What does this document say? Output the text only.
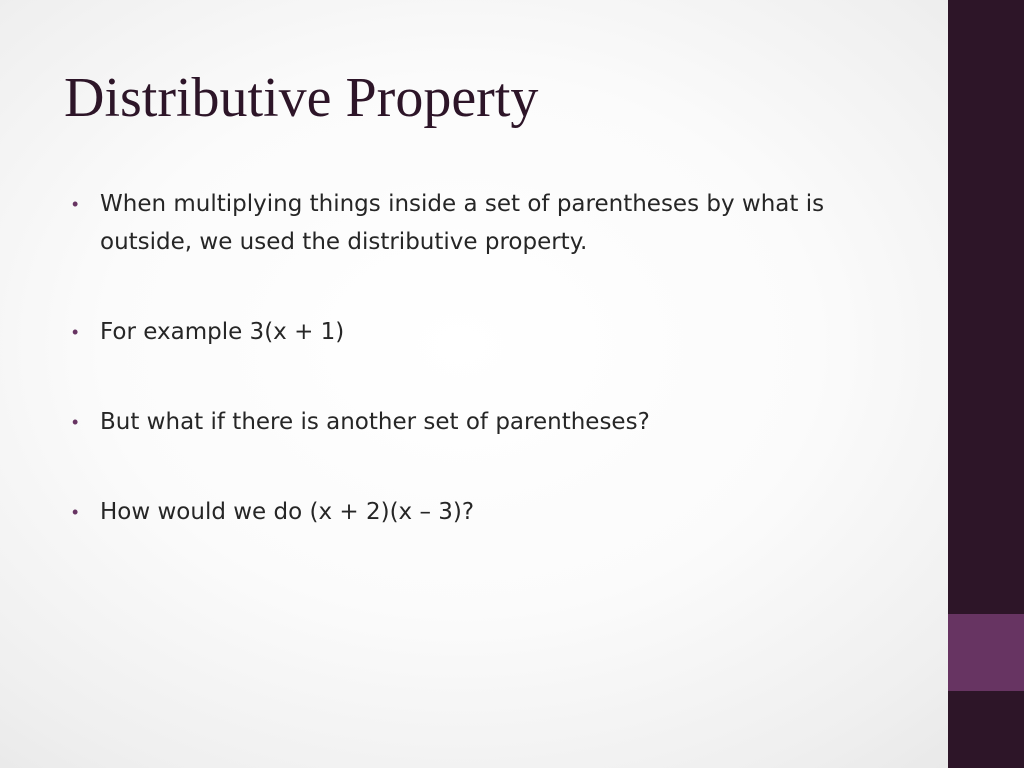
Distributive Property
• When multiplying things inside a set of parentheses by what is outside, we used the distributive property.
• For example 3(x + 1)
• But what if there is another set of parentheses?
• How would we do (x + 2)(x – 3)?
